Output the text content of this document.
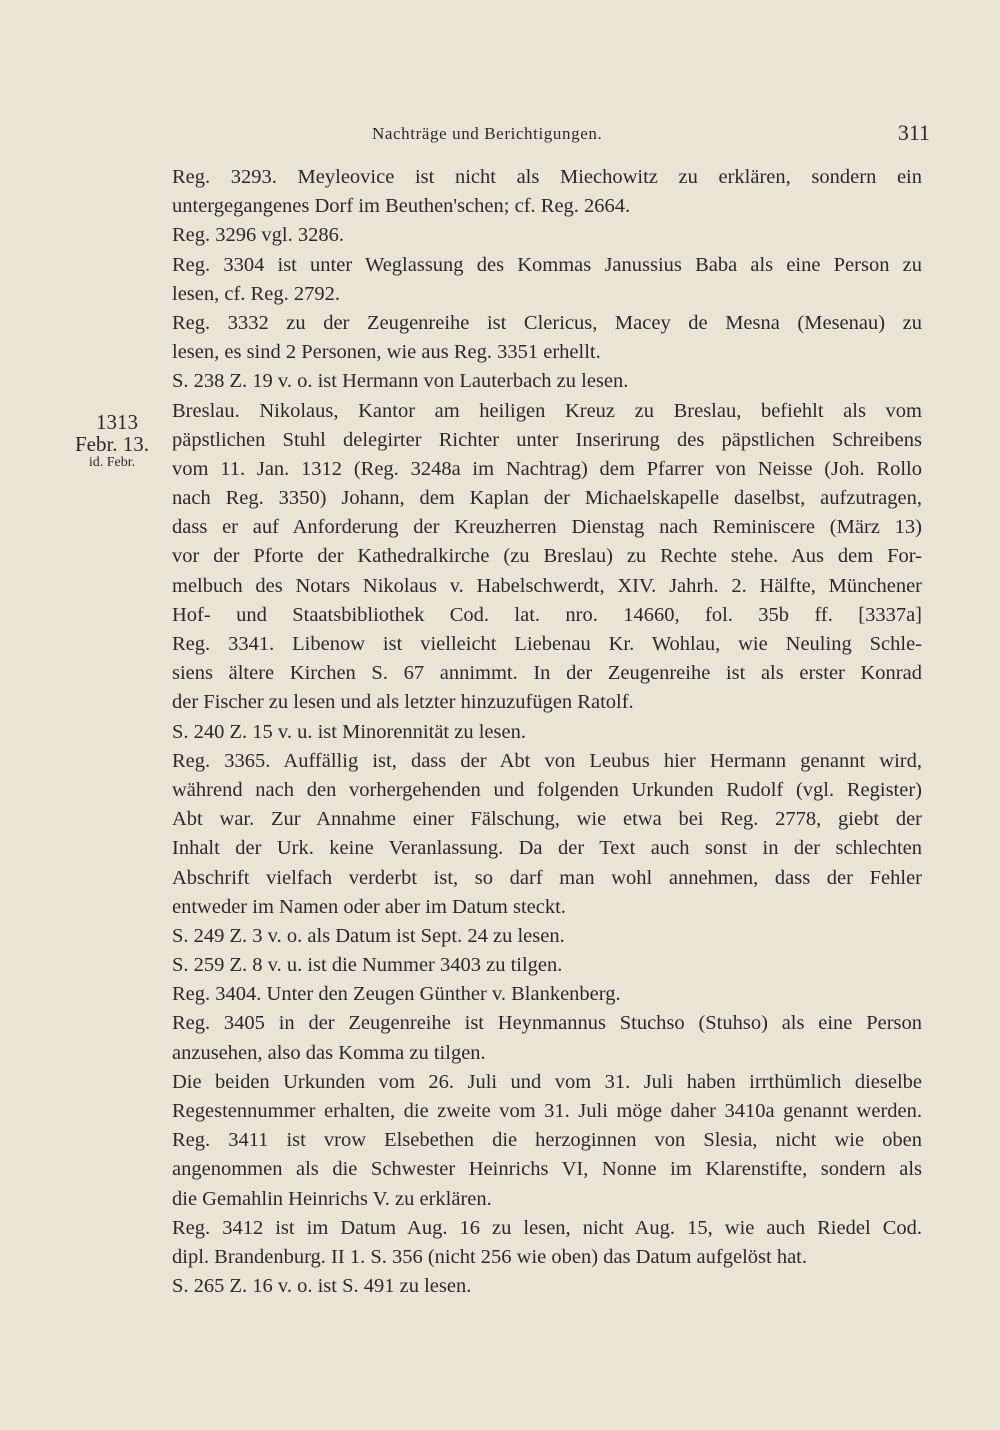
Nachträge und Berichtigungen.	311
1313
Febr. 13.
id. Febr.
Reg. 3293. Meyleovice ist nicht als Miechowitz zu erklären, sondern ein
untergegangenes Dorf im Beuthen'schen; cf. Reg. 2664.
Reg. 3296 vgl. 3286.
Reg. 3304 ist unter Weglassung des Kommas Janussius Baba als eine Person zu
lesen, cf. Reg. 2792.
Reg. 3332 zu der Zeugenreihe ist Clericus, Macey de Mesna (Mesenau) zu
lesen, es sind 2 Personen, wie aus Reg. 3351 erhellt.
S. 238 Z. 19 v. o. ist Hermann von Lauterbach zu lesen.
Breslau. Nikolaus, Kantor am heiligen Kreuz zu Breslau, befiehlt als vom
päpstlichen Stuhl delegirter Richter unter Inserirung des päpstlichen Schreibens
vom 11. Jan. 1312 (Reg. 3248a im Nachtrag) dem Pfarrer von Neisse (Joh. Rollo
nach Reg. 3350) Johann, dem Kaplan der Michaelskapelle daselbst, aufzutragen,
dass er auf Anforderung der Kreuzherren Dienstag nach Reminiscere (März 13)
vor der Pforte der Kathedralkirche (zu Breslau) zu Rechte stehe. Aus dem For-
melbuch des Notars Nikolaus v. Habelschwerdt, XIV. Jahrh. 2. Hälfte, Münchener
Hof- und Staatsbibliothek Cod. lat. nro. 14660, fol. 35b ff. [3337a]
Reg. 3341. Libenow ist vielleicht Liebenau Kr. Wohlau, wie Neuling Schle-
siens ältere Kirchen S. 67 annimmt. In der Zeugenreihe ist als erster Konrad
der Fischer zu lesen und als letzter hinzuzufügen Ratolf.
S. 240 Z. 15 v. u. ist Minorennität zu lesen.
Reg. 3365. Auffällig ist, dass der Abt von Leubus hier Hermann genannt wird,
während nach den vorhergehenden und folgenden Urkunden Rudolf (vgl. Register)
Abt war. Zur Annahme einer Fälschung, wie etwa bei Reg. 2778, giebt der
Inhalt der Urk. keine Veranlassung. Da der Text auch sonst in der schlechten
Abschrift vielfach verderbt ist, so darf man wohl annehmen, dass der Fehler
entweder im Namen oder aber im Datum steckt.
S. 249 Z. 3 v. o. als Datum ist Sept. 24 zu lesen.
S. 259 Z. 8 v. u. ist die Nummer 3403 zu tilgen.
Reg. 3404. Unter den Zeugen Günther v. Blankenberg.
Reg. 3405 in der Zeugenreihe ist Heynmannus Stuchso (Stuhso) als eine Person
anzusehen, also das Komma zu tilgen.
Die beiden Urkunden vom 26. Juli und vom 31. Juli haben irrthümlich dieselbe
Regestennummer erhalten, die zweite vom 31. Juli möge daher 3410a genannt werden.
Reg. 3411 ist vrow Elsebethen die herzoginnen von Slesia, nicht wie oben
angenommen als die Schwester Heinrichs VI, Nonne im Klarenstifte, sondern als
die Gemahlin Heinrichs V. zu erklären.
Reg. 3412 ist im Datum Aug. 16 zu lesen, nicht Aug. 15, wie auch Riedel Cod.
dipl. Brandenburg. II 1. S. 356 (nicht 256 wie oben) das Datum aufgelöst hat.
S. 265 Z. 16 v. o. ist S. 491 zu lesen.
